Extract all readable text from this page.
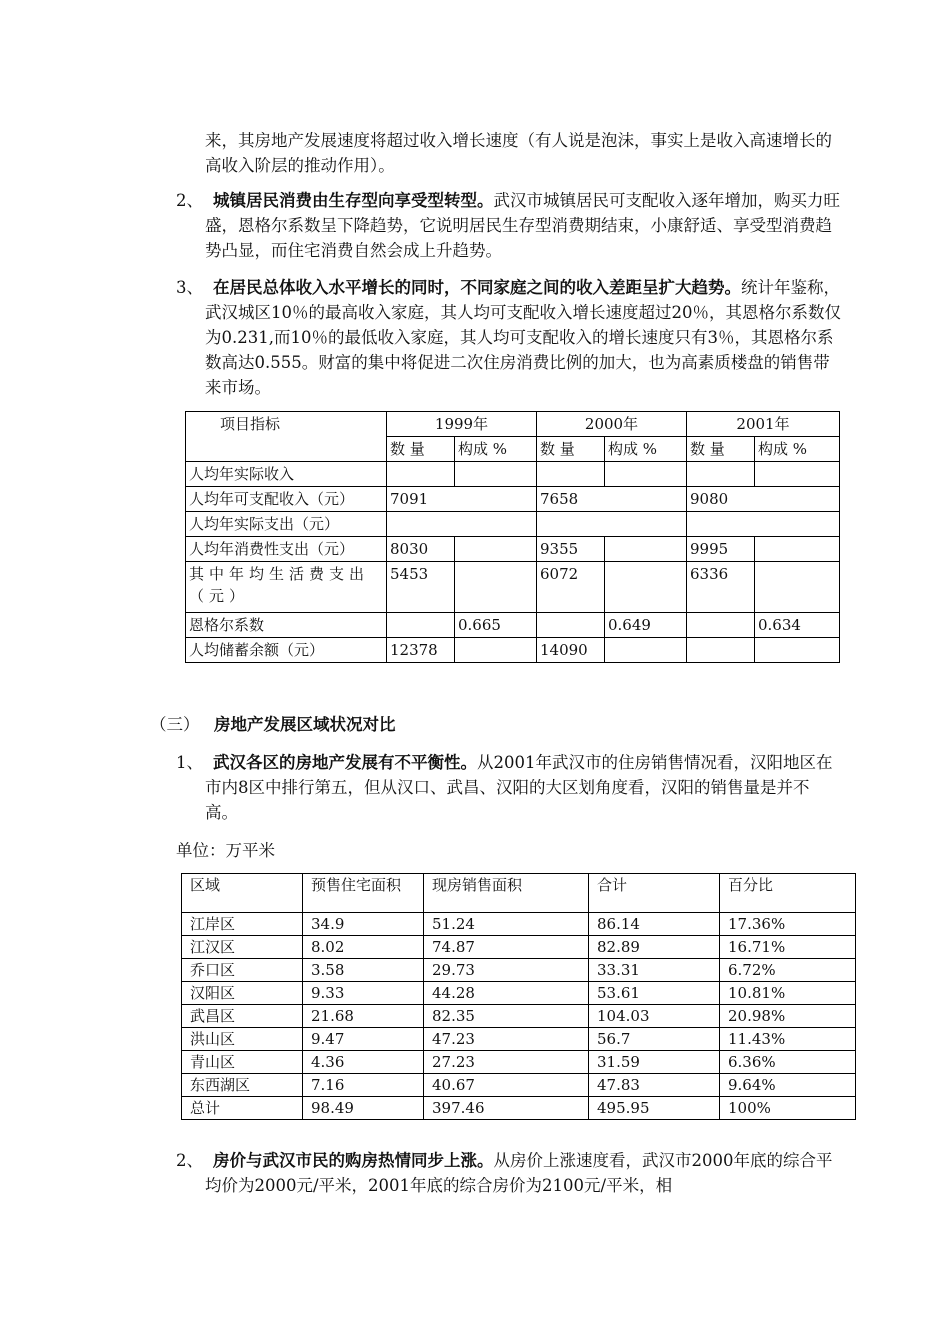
来，其房地产发展速度将超过收入增长速度（有人说是泡沫，事实上是收入高速增长的高收入阶层的推动作用）。

2、 城镇居民消费由生存型向享受型转型。武汉市城镇居民可支配收入逐年增加，购买力旺盛，恩格尔系数呈下降趋势，它说明居民生存型消费期结束，小康舒适、享受型消费趋势凸显，而住宅消费自然会成上升趋势。

3、 在居民总体收入水平增长的同时，不同家庭之间的收入差距呈扩大趋势。统计年鉴称，武汉城区10％的最高收入家庭，其人均可支配收入增长速度超过20％，其恩格尔系数仅为0.231,而10％的最低收入家庭，其人均可支配收入的增长速度只有3％，其恩格尔系数高达0.555。财富的集中将促进二次住房消费比例的加大，也为高素质楼盘的销售带来市场。

项目指标	1999年		2000年		2001年	
	数 量	构成 %	数 量	构成 %	数 量	构成 %
人均年实际收入						
人均年可支配收入（元）	7091		7658		9080	
人均年实际支出（元）						
人均年消费性支出（元）	8030		9355		9995	
其中年均生活费支出（元）	5453		6072		6336	
恩格尔系数		0.665		0.649		0.634
人均储蓄余额（元）	12378		14090			
（三） 房地产发展区域状况对比

1、 武汉各区的房地产发展有不平衡性。从2001年武汉市的住房销售情况看，汉阳地区在市内8区中排行第五，但从汉口、武昌、汉阳的大区划角度看，汉阳的销售量是并不高。

单位：万平米

区域	预售住宅面积	现房销售面积	合计	百分比
江岸区	34.9	51.24	86.14	17.36%
江汉区	8.02	74.87	82.89	16.71%
乔口区	3.58	29.73	33.31	6.72%
汉阳区	9.33	44.28	53.61	10.81%
武昌区	21.68	82.35	104.03	20.98%
洪山区	9.47	47.23	56.7	11.43%
青山区	4.36	27.23	31.59	6.36%
东西湖区	7.16	40.67	47.83	9.64%
总计	98.49	397.46	495.95	100%
2、 房价与武汉市民的购房热情同步上涨。从房价上涨速度看，武汉市2000年底的综合平均价为2000元/平米，2001年底的综合房价为2100元/平米，相
